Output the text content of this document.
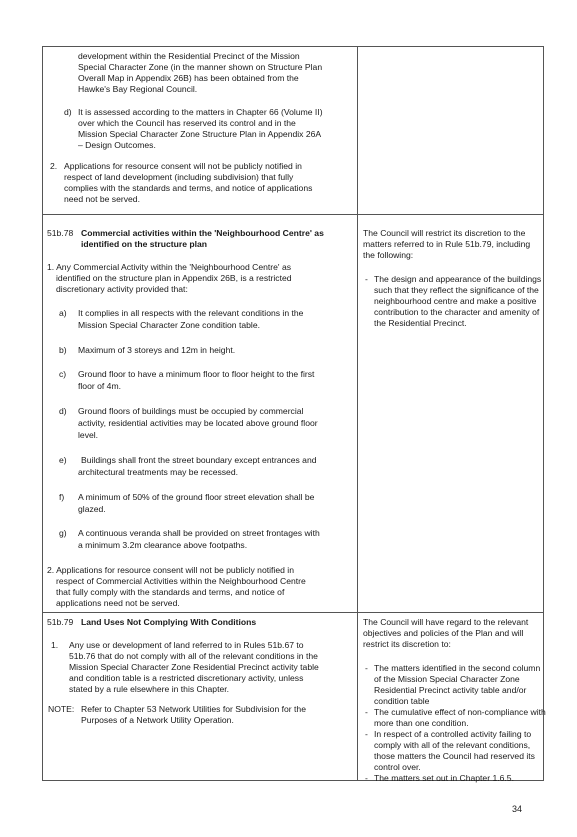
development within the Residential Precinct of the Mission
Special Character Zone (in the manner shown on Structure Plan
Overall Map in Appendix 26B) has been obtained from the
Hawke's Bay Regional Council.
d) It is assessed according to the matters in Chapter 66 (Volume II)
over which the Council has reserved its control and in the
Mission Special Character Zone Structure Plan in Appendix 26A
– Design Outcomes.
2. Applications for resource consent will not be publicly notified in
respect of land development (including subdivision) that fully
complies with the standards and terms, and notice of applications
need not be served.
51b.78 Commercial activities within the 'Neighbourhood Centre' as
identified on the structure plan
1. Any Commercial Activity within the 'Neighbourhood Centre' as
identified on the structure plan in Appendix 26B, is a restricted
discretionary activity provided that:
a) It complies in all respects with the relevant conditions in the
Mission Special Character Zone condition table.
b) Maximum of 3 storeys and 12m in height.
c) Ground floor to have a minimum floor to floor height to the first
floor of 4m.
d) Ground floors of buildings must be occupied by commercial
activity, residential activities may be located above ground floor
level.
e) Buildings shall front the street boundary except entrances and
architectural treatments may be recessed.
f) A minimum of 50% of the ground floor street elevation shall be
glazed.
g) A continuous veranda shall be provided on street frontages with
a minimum 3.2m clearance above footpaths.
2. Applications for resource consent will not be publicly notified in
respect of Commercial Activities within the Neighbourhood Centre
that fully comply with the standards and terms, and notice of
applications need not be served.
The Council will restrict its discretion to the
matters referred to in Rule 51b.79, including
the following:
- The design and appearance of the buildings
such that they reflect the significance of the
neighbourhood centre and make a positive
contribution to the character and amenity of
the Residential Precinct.
51b.79 Land Uses Not Complying With Conditions
1. Any use or development of land referred to in Rules 51b.67 to
51b.76 that do not comply with all of the relevant conditions in the
Mission Special Character Zone Residential Precinct activity table
and condition table is a restricted discretionary activity, unless
stated by a rule elsewhere in this Chapter.
NOTE: Refer to Chapter 53 Network Utilities for Subdivision for the
Purposes of a Network Utility Operation.
The Council will have regard to the relevant
objectives and policies of the Plan and will
restrict its discretion to:
- The matters identified in the second column
of the Mission Special Character Zone
Residential Precinct activity table and/or
condition table
- The cumulative effect of non-compliance with
more than one condition.
- In respect of a controlled activity failing to
comply with all of the relevant conditions,
those matters the Council had reserved its
control over.
- The matters set out in Chapter 1.6.5.
34
